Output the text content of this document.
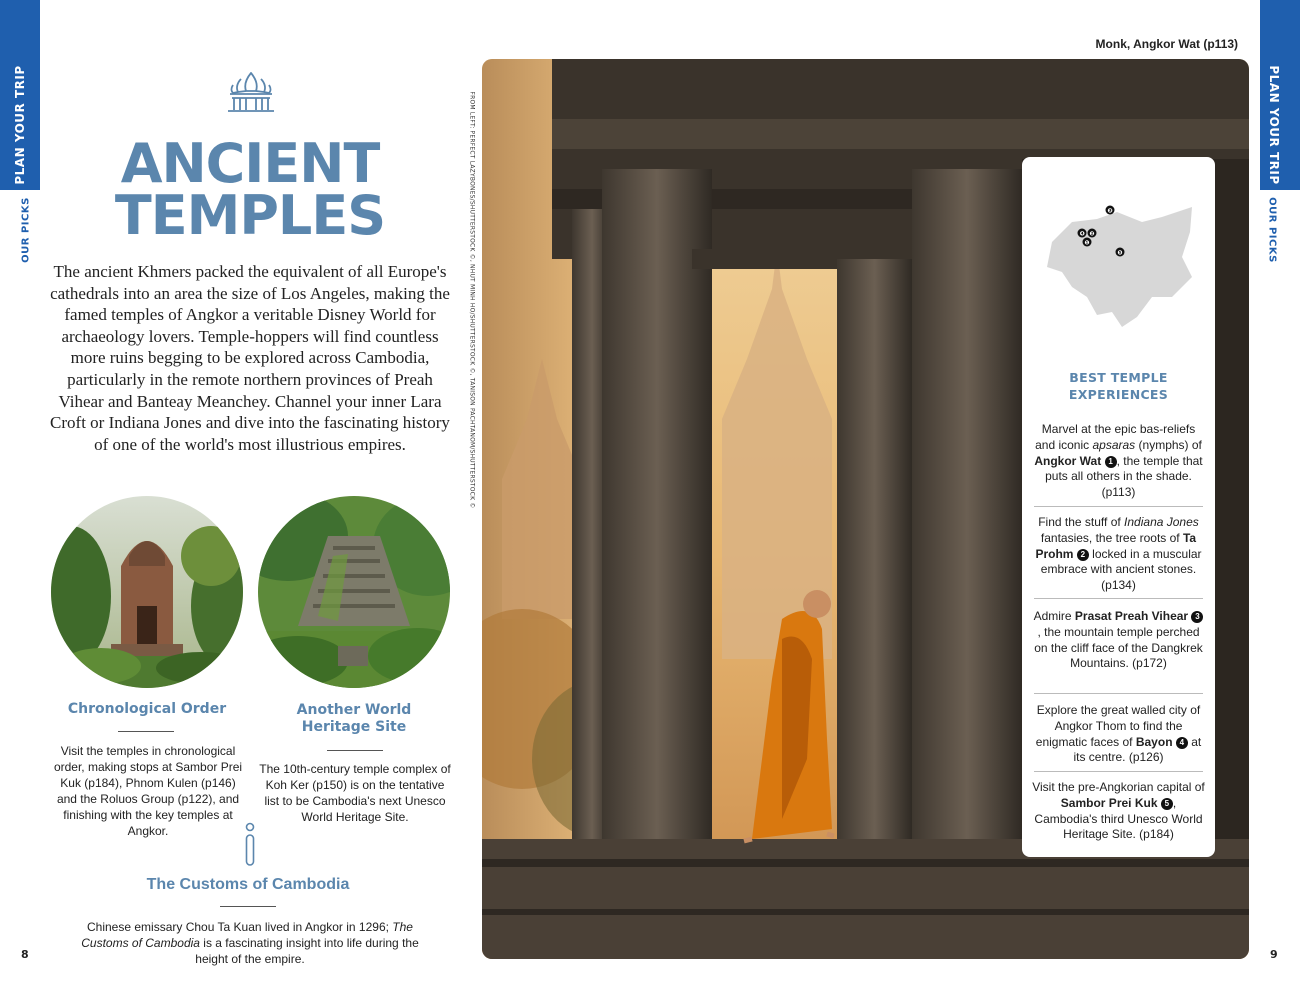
PLAN YOUR TRIP
OUR PICKS
PLAN YOUR TRIP
OUR PICKS
FROM LEFT: PERFECT LAZYBONES/SHUTTERSTOCK ©, NHUT MINH HO/SHUTTERSTOCK ©, TANISON PACHTANOM/SHUTTERSTOCK ©
ANCIENT
TEMPLES
The ancient Khmers packed the equivalent of all Europe's cathedrals into an area the size of Los Angeles, making the famed temples of Angkor a veritable Disney World for archaeology lovers. Temple-hoppers will find countless more ruins begging to be explored across Cambodia, particularly in the remote northern provinces of Preah Vihear and Banteay Meanchey. Channel your inner Lara Croft or Indiana Jones and dive into the fascinating history of one of the world's most illustrious empires.
Chronological Order
Visit the temples in chronological order, making stops at Sambor Prei Kuk (p184), Phnom Kulen (p146) and the Roluos Group (p122), and finishing with the key temples at Angkor.
Another World
Heritage Site
The 10th-century temple complex of Koh Ker (p150) is on the tentative list to be Cambodia's next Unesco World Heritage Site.
The Customs of Cambodia
Chinese emissary Chou Ta Kuan lived in Angkor in 1296; The Customs of Cambodia is a fascinating insight into life during the height of the empire.
8	9
Monk, Angkor Wat (p113)
❸
❹ ❷
❶
❺
BEST TEMPLE
EXPERIENCES
Marvel at the epic bas-reliefs and iconic apsaras (nymphs) of Angkor Wat 1 , the temple that puts all others in the shade. (p113)
Find the stuff of Indiana Jones fantasies, the tree roots of Ta Prohm 2 locked in a muscular embrace with ancient stones. (p134)
Admire Prasat Preah Vihear 3, the mountain temple perched on the cliff face of the Dangkrek Mountains. (p172)
Explore the great walled city of Angkor Thom to find the enigmatic faces of Bayon 4 at its centre. (p126)
Visit the pre-Angkorian capital of Sambor Prei Kuk 5 , Cambodia's third Unesco World Heritage Site. (p184)
